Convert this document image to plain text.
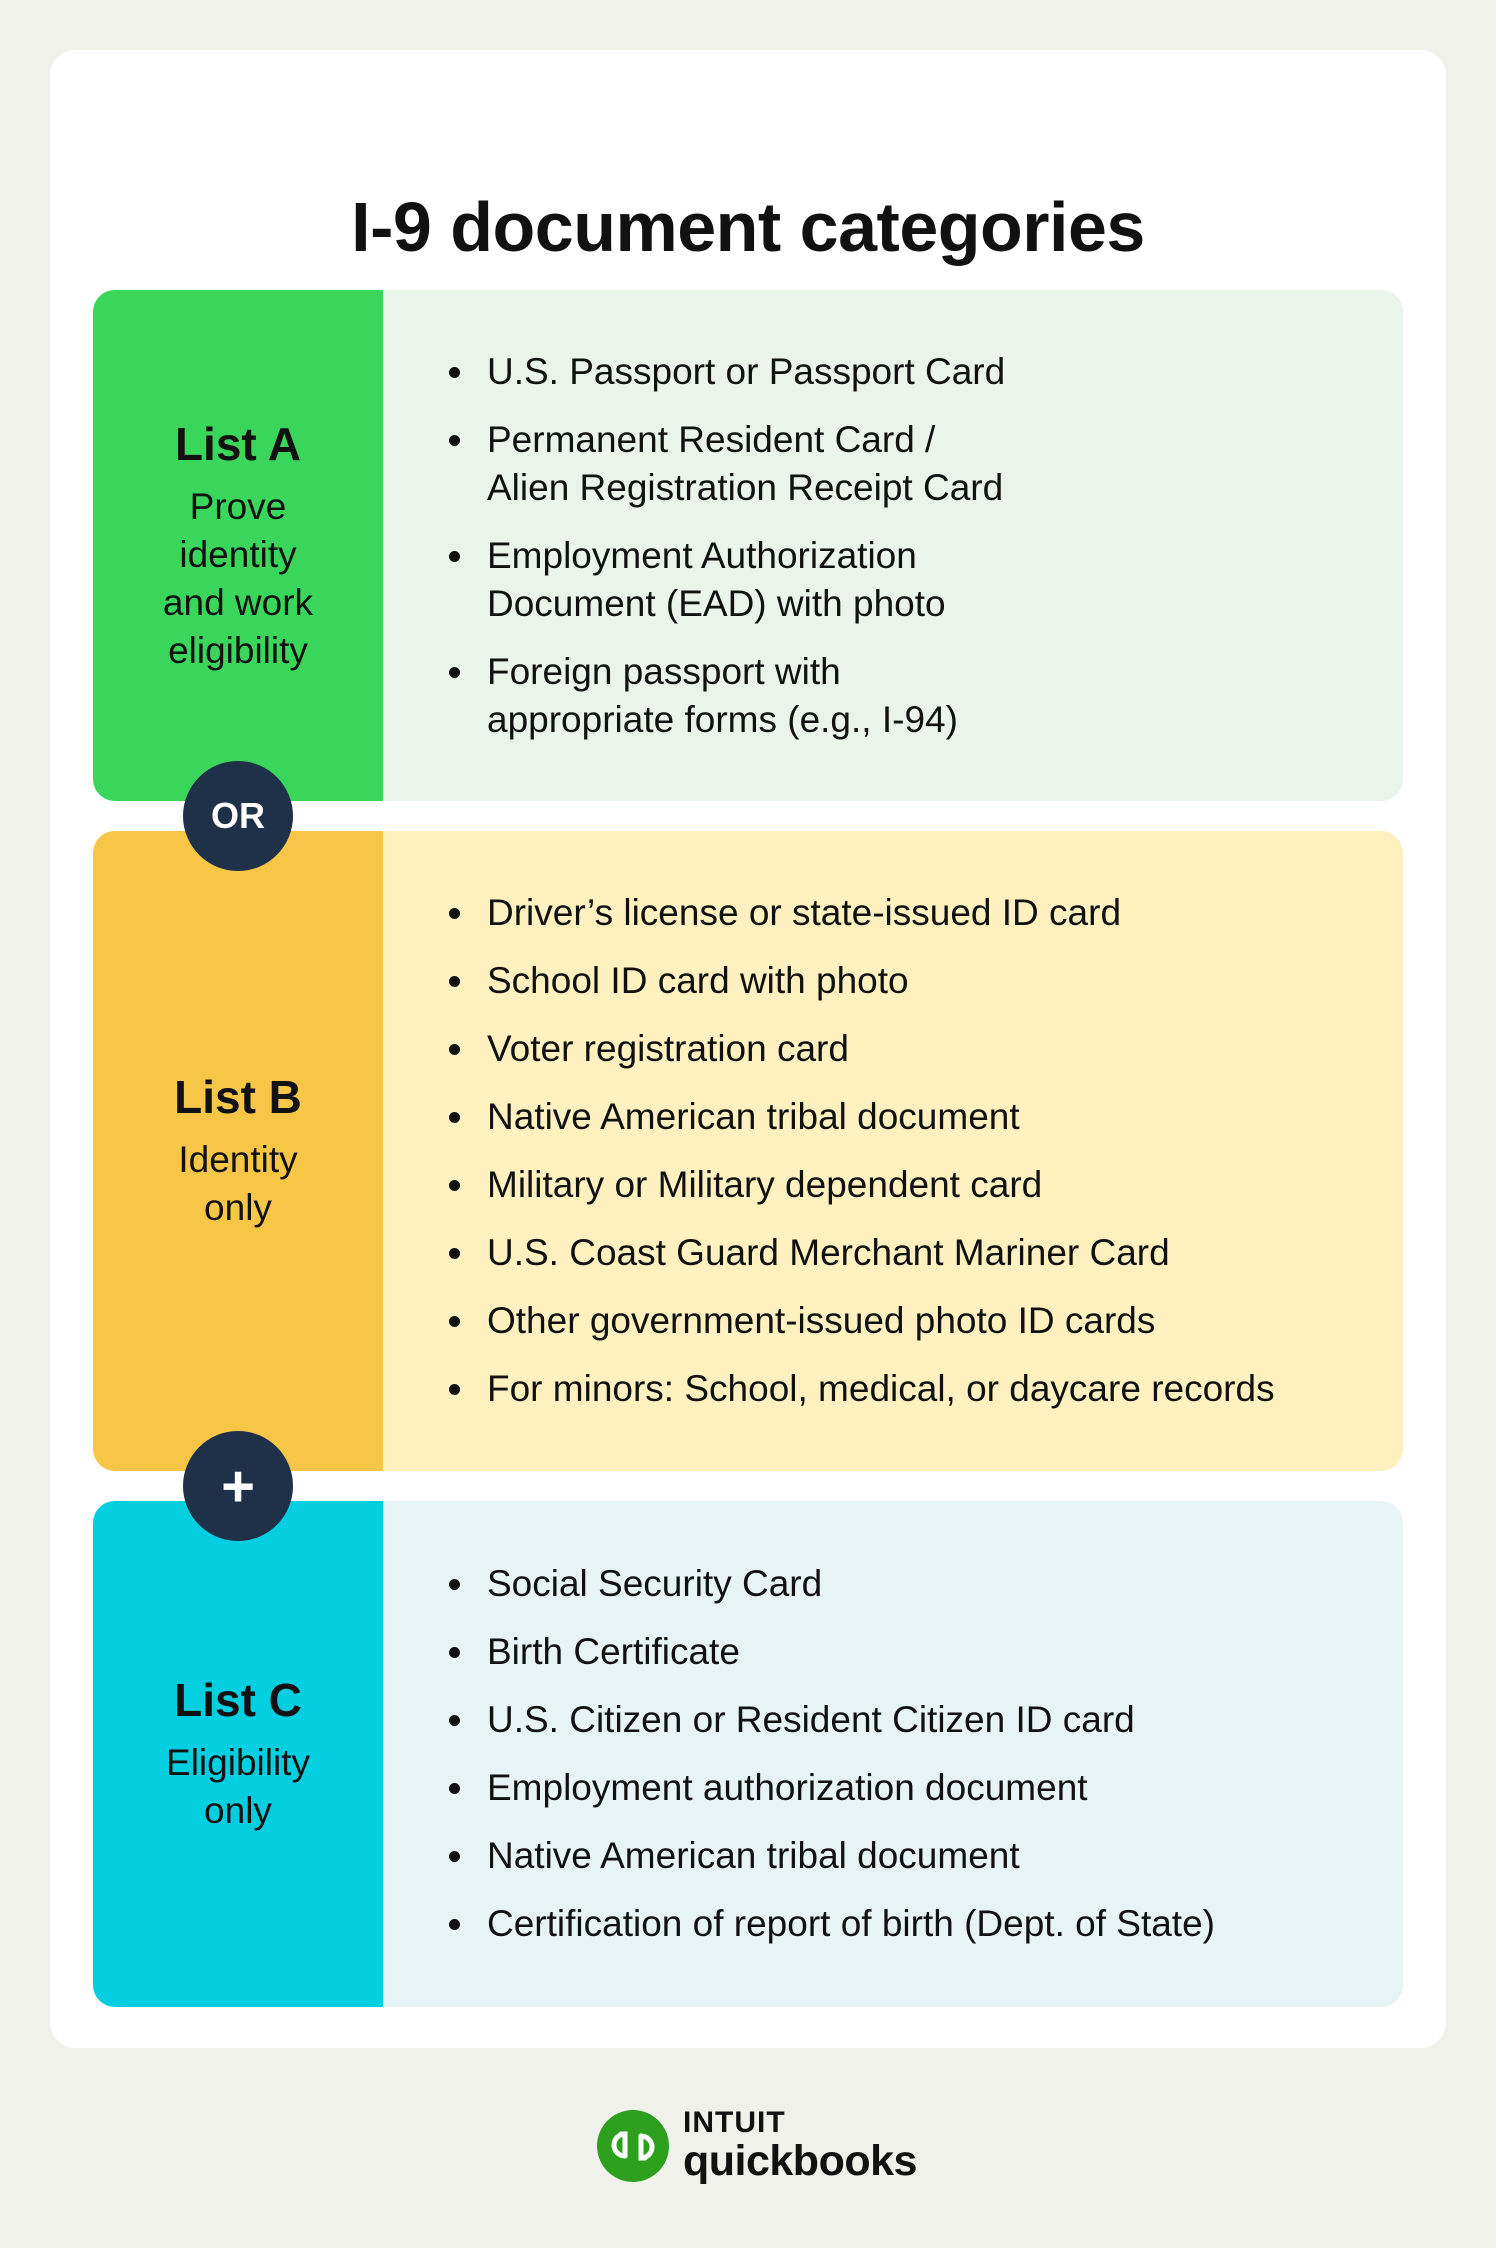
I-9 document categories

List A

Prove
identity
and work
eligibility

U.S. Passport or Passport Card
Permanent Resident Card /
Alien Registration Receipt Card
Employment Authorization
Document (EAD) with photo
Foreign passport with
appropriate forms (e.g., I-94)

List B

Identity
only

Driver’s license or state-issued ID card
School ID card with photo
Voter registration card
Native American tribal document
Military or Military dependent card
U.S. Coast Guard Merchant Mariner Card
Other government-issued photo ID cards
For minors: School, medical, or daycare records

List C

Eligibility
only

Social Security Card
Birth Certificate
U.S. Citizen or Resident Citizen ID card
Employment authorization document
Native American tribal document
Certification of report of birth (Dept. of State)
OR
+
INTUIT
quickbooks
